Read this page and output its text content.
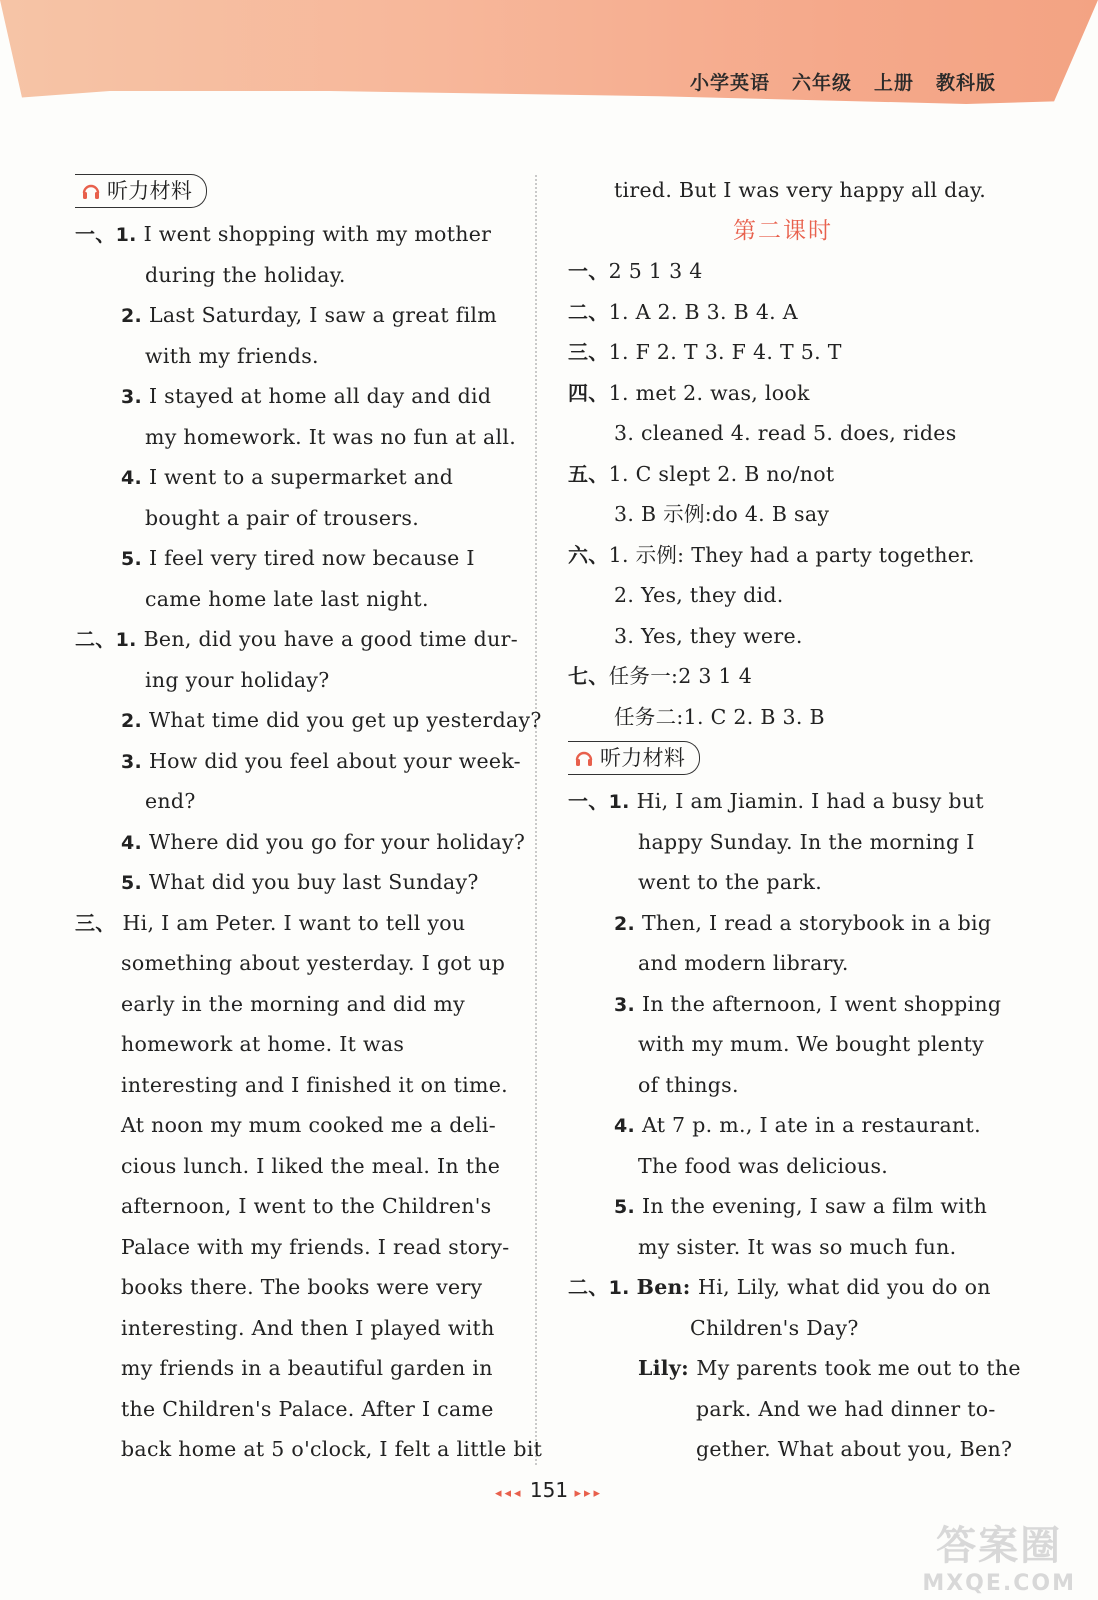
小学英语 六年级 上册 教科版
听力材料
一、1. I went shopping with my mother
during the holiday.
2. Last Saturday, I saw a great film
with my friends.
3. I stayed at home all day and did
my homework. It was no fun at all.
4. I went to a supermarket and
bought a pair of trousers.
5. I feel very tired now because I
came home late last night.
二、1. Ben, did you have a good time dur-
ing your holiday?
2. What time did you get up yesterday?
3. How did you feel about your week-
end?
4. Where did you go for your holiday?
5. What did you buy last Sunday?
三、 Hi, I am Peter. I want to tell you
something about yesterday. I got up
early in the morning and did my
homework at home. It was
interesting and I finished it on time.
At noon my mum cooked me a deli-
cious lunch. I liked the meal. In the
afternoon, I went to the Children's
Palace with my friends. I read story-
books there. The books were very
interesting. And then I played with
my friends in a beautiful garden in
the Children's Palace. After I came
back home at 5 o'clock, I felt a little bit
tired. But I was very happy all day.
第二课时
一、2 5 1 3 4
二、1. A 2. B 3. B 4. A
三、1. F 2. T 3. F 4. T 5. T
四、1. met 2. was, look
3. cleaned 4. read 5. does, rides
五、1. C slept 2. B no/not
3. B 示例:do 4. B say
六、1. 示例: They had a party together.
2. Yes, they did.
3. Yes, they were.
七、任务一:2 3 1 4
任务二:1. C 2. B 3. B
听力材料
一、1. Hi, I am Jiamin. I had a busy but
happy Sunday. In the morning I
went to the park.
2. Then, I read a storybook in a big
and modern library.
3. In the afternoon, I went shopping
with my mum. We bought plenty
of things.
4. At 7 p. m., I ate in a restaurant.
The food was delicious.
5. In the evening, I saw a film with
my sister. It was so much fun.
二、1. Ben: Hi, Lily, what did you do on
Children's Day?
Lily: My parents took me out to the
park. And we had dinner to-
gether. What about you, Ben?
◂◂◂ 151 ▸▸▸
答案圈
MXQE.COM
